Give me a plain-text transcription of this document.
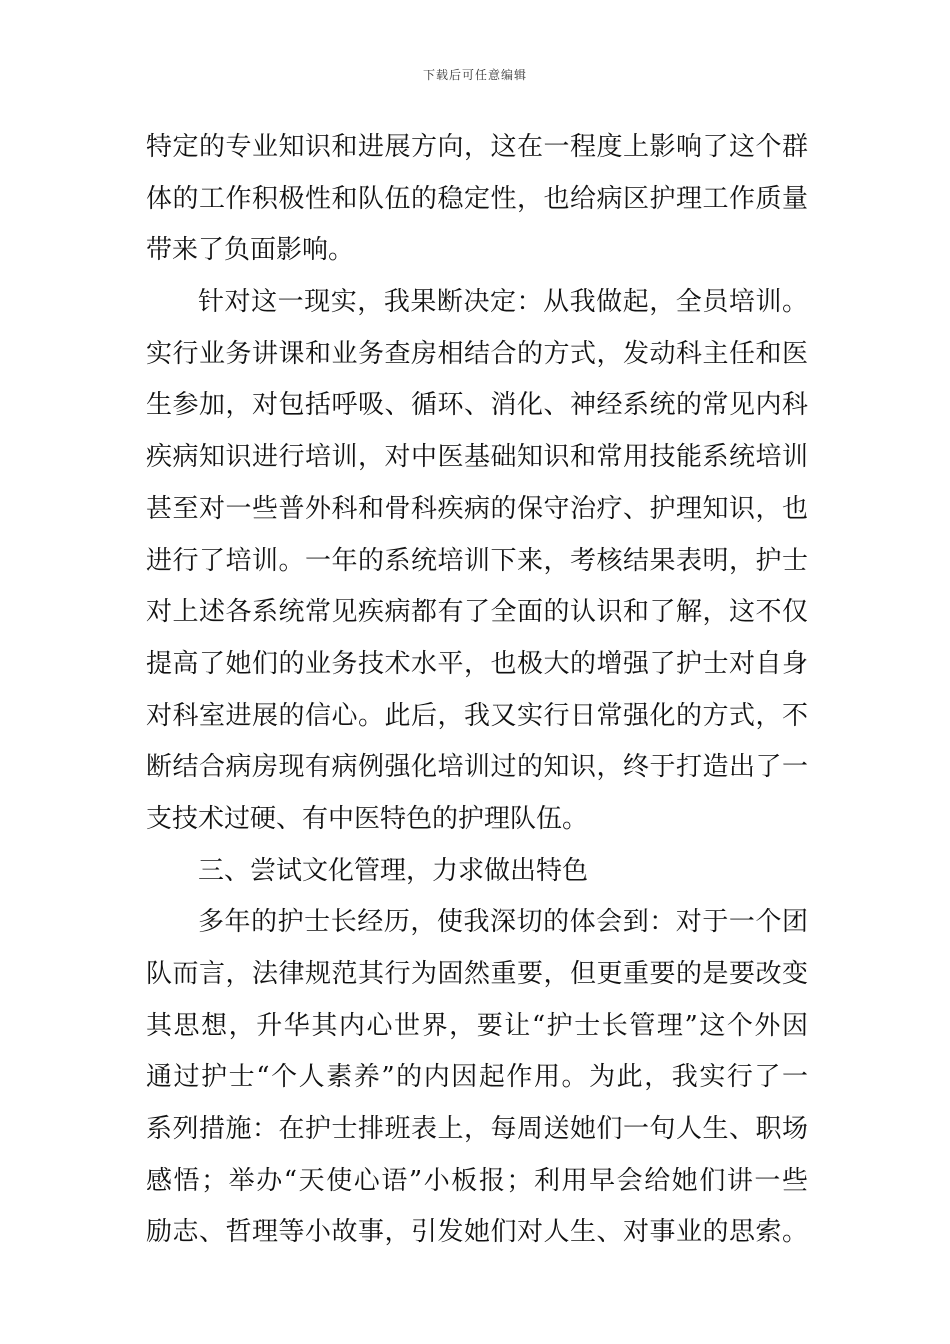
下载后可任意编辑
特定的专业知识和进展方向，这在一程度上影响了这个群
体的工作积极性和队伍的稳定性，也给病区护理工作质量
带来了负面影响。
针对这一现实，我果断决定：从我做起，全员培训。
实行业务讲课和业务查房相结合的方式，发动科主任和医
生参加，对包括呼吸、循环、消化、神经系统的常见内科
疾病知识进行培训，对中医基础知识和常用技能系统培训
甚至对一些普外科和骨科疾病的保守治疗、护理知识，也
进行了培训。一年的系统培训下来，考核结果表明，护士
对上述各系统常见疾病都有了全面的认识和了解，这不仅
提高了她们的业务技术水平，也极大的增强了护士对自身
对科室进展的信心。此后，我又实行日常强化的方式，不
断结合病房现有病例强化培训过的知识，终于打造出了一
支技术过硬、有中医特色的护理队伍。
三、尝试文化管理，力求做出特色
多年的护士长经历，使我深切的体会到：对于一个团
队而言，法律规范其行为固然重要，但更重要的是要改变
其思想，升华其内心世界，要让“护士长管理”这个外因
通过护士“个人素养”的内因起作用。为此，我实行了一
系列措施：在护士排班表上，每周送她们一句人生、职场
感悟；举办“天使心语”小板报；利用早会给她们讲一些
励志、哲理等小故事，引发她们对人生、对事业的思索。
